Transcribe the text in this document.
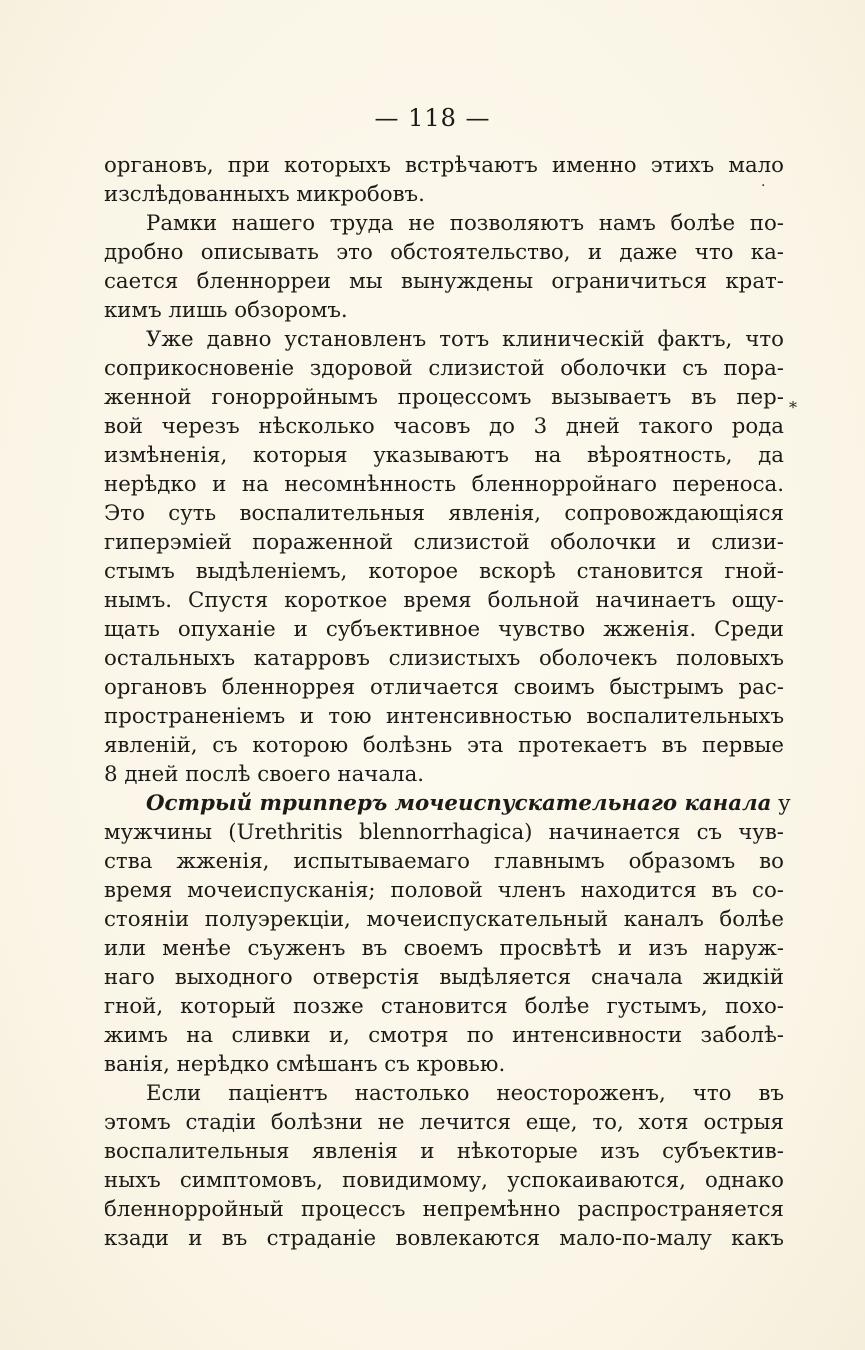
— 118 —
·
*
органовъ, при которыхъ встрѣчаютъ именно этихъ мало
изслѣдованныхъ микробовъ.
Рамки нашего труда не позволяютъ намъ болѣе по-
дробно описывать это обстоятельство, и даже что ка-
сается бленнорреи мы вынуждены ограничиться крат-
кимъ лишь обзоромъ.
Уже давно установленъ тотъ клиническій фактъ, что
соприкосновеніе здоровой слизистой оболочки съ пора-
женной гонорройнымъ процессомъ вызываетъ въ пер-
вой черезъ нѣсколько часовъ до 3 дней такого рода
измѣненія, которыя указываютъ на вѣроятность, да
нерѣдко и на несомнѣнность бленнорройнаго переноса.
Это суть воспалительныя явленія, сопровождающіяся
гиперэміей пораженной слизистой оболочки и слизи-
стымъ выдѣленіемъ, которое вскорѣ становится гной-
нымъ. Спустя короткое время больной начинаетъ ощу-
щать опуханіе и субъективное чувство жженія. Среди
остальныхъ катарровъ слизистыхъ оболочекъ половыхъ
органовъ бленноррея отличается своимъ быстрымъ рас-
пространеніемъ и тою интенсивностью воспалительныхъ
явленій, съ которою болѣзнь эта протекаетъ въ первые
8 дней послѣ своего начала.
Острый трипперъ мочеиспускательнаго канала у
мужчины (Urethritis blennorrhagica) начинается съ чув-
ства жженія, испытываемаго главнымъ образомъ во
время мочеиспусканія; половой членъ находится въ со-
стояніи полуэрекціи, мочеиспускательный каналъ болѣе
или менѣе съуженъ въ своемъ просвѣтѣ и изъ наруж-
наго выходного отверстія выдѣляется сначала жидкій
гной, который позже становится болѣе густымъ, похо-
жимъ на сливки и, смотря по интенсивности заболѣ-
ванія, нерѣдко смѣшанъ съ кровью.
Если паціентъ настолько неостороженъ, что въ
этомъ стадіи болѣзни не лечится еще, то, хотя острыя
воспалительныя явленія и нѣкоторые изъ субъектив-
ныхъ симптомовъ, повидимому, успокаиваются, однако
бленнорройный процессъ непремѣнно распространяется
кзади и въ страданіе вовлекаются мало-по-малу какъ
